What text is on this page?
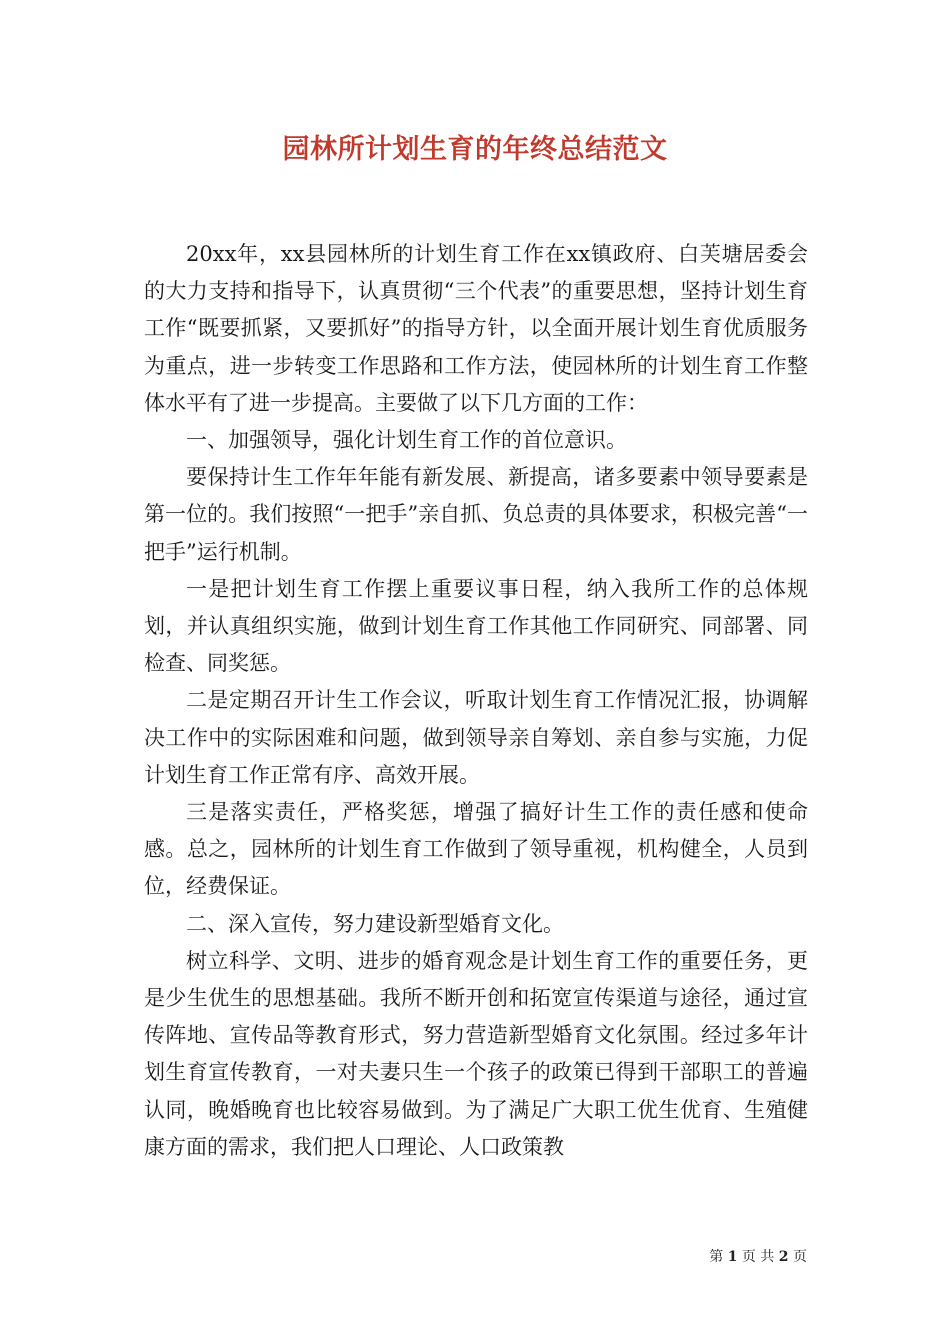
园林所计划生育的年终总结范文

20xx年，xx县园林所的计划生育工作在xx镇政府、白芙塘居委会的大力支持和指导下，认真贯彻“三个代表”的重要思想，坚持计划生育工作“既要抓紧，又要抓好”的指导方针，以全面开展计划生育优质服务为重点，进一步转变工作思路和工作方法，使园林所的计划生育工作整体水平有了进一步提高。主要做了以下几方面的工作：

一、加强领导，强化计划生育工作的首位意识。

要保持计生工作年年能有新发展、新提高，诸多要素中领导要素是第一位的。我们按照“一把手”亲自抓、负总责的具体要求，积极完善“一把手”运行机制。

一是把计划生育工作摆上重要议事日程，纳入我所工作的总体规划，并认真组织实施，做到计划生育工作其他工作同研究、同部署、同检查、同奖惩。

二是定期召开计生工作会议，听取计划生育工作情况汇报，协调解决工作中的实际困难和问题，做到领导亲自筹划、亲自参与实施，力促计划生育工作正常有序、高效开展。

三是落实责任，严格奖惩，增强了搞好计生工作的责任感和使命感。总之，园林所的计划生育工作做到了领导重视，机构健全，人员到位，经费保证。

二、深入宣传，努力建设新型婚育文化。

树立科学、文明、进步的婚育观念是计划生育工作的重要任务，更是少生优生的思想基础。我所不断开创和拓宽宣传渠道与途径，通过宣传阵地、宣传品等教育形式，努力营造新型婚育文化氛围。经过多年计划生育宣传教育，一对夫妻只生一个孩子的政策已得到干部职工的普遍认同，晚婚晚育也比较容易做到。为了满足广大职工优生优育、生殖健康方面的需求，我们把人口理论、人口政策教

第 1 页 共 2 页
